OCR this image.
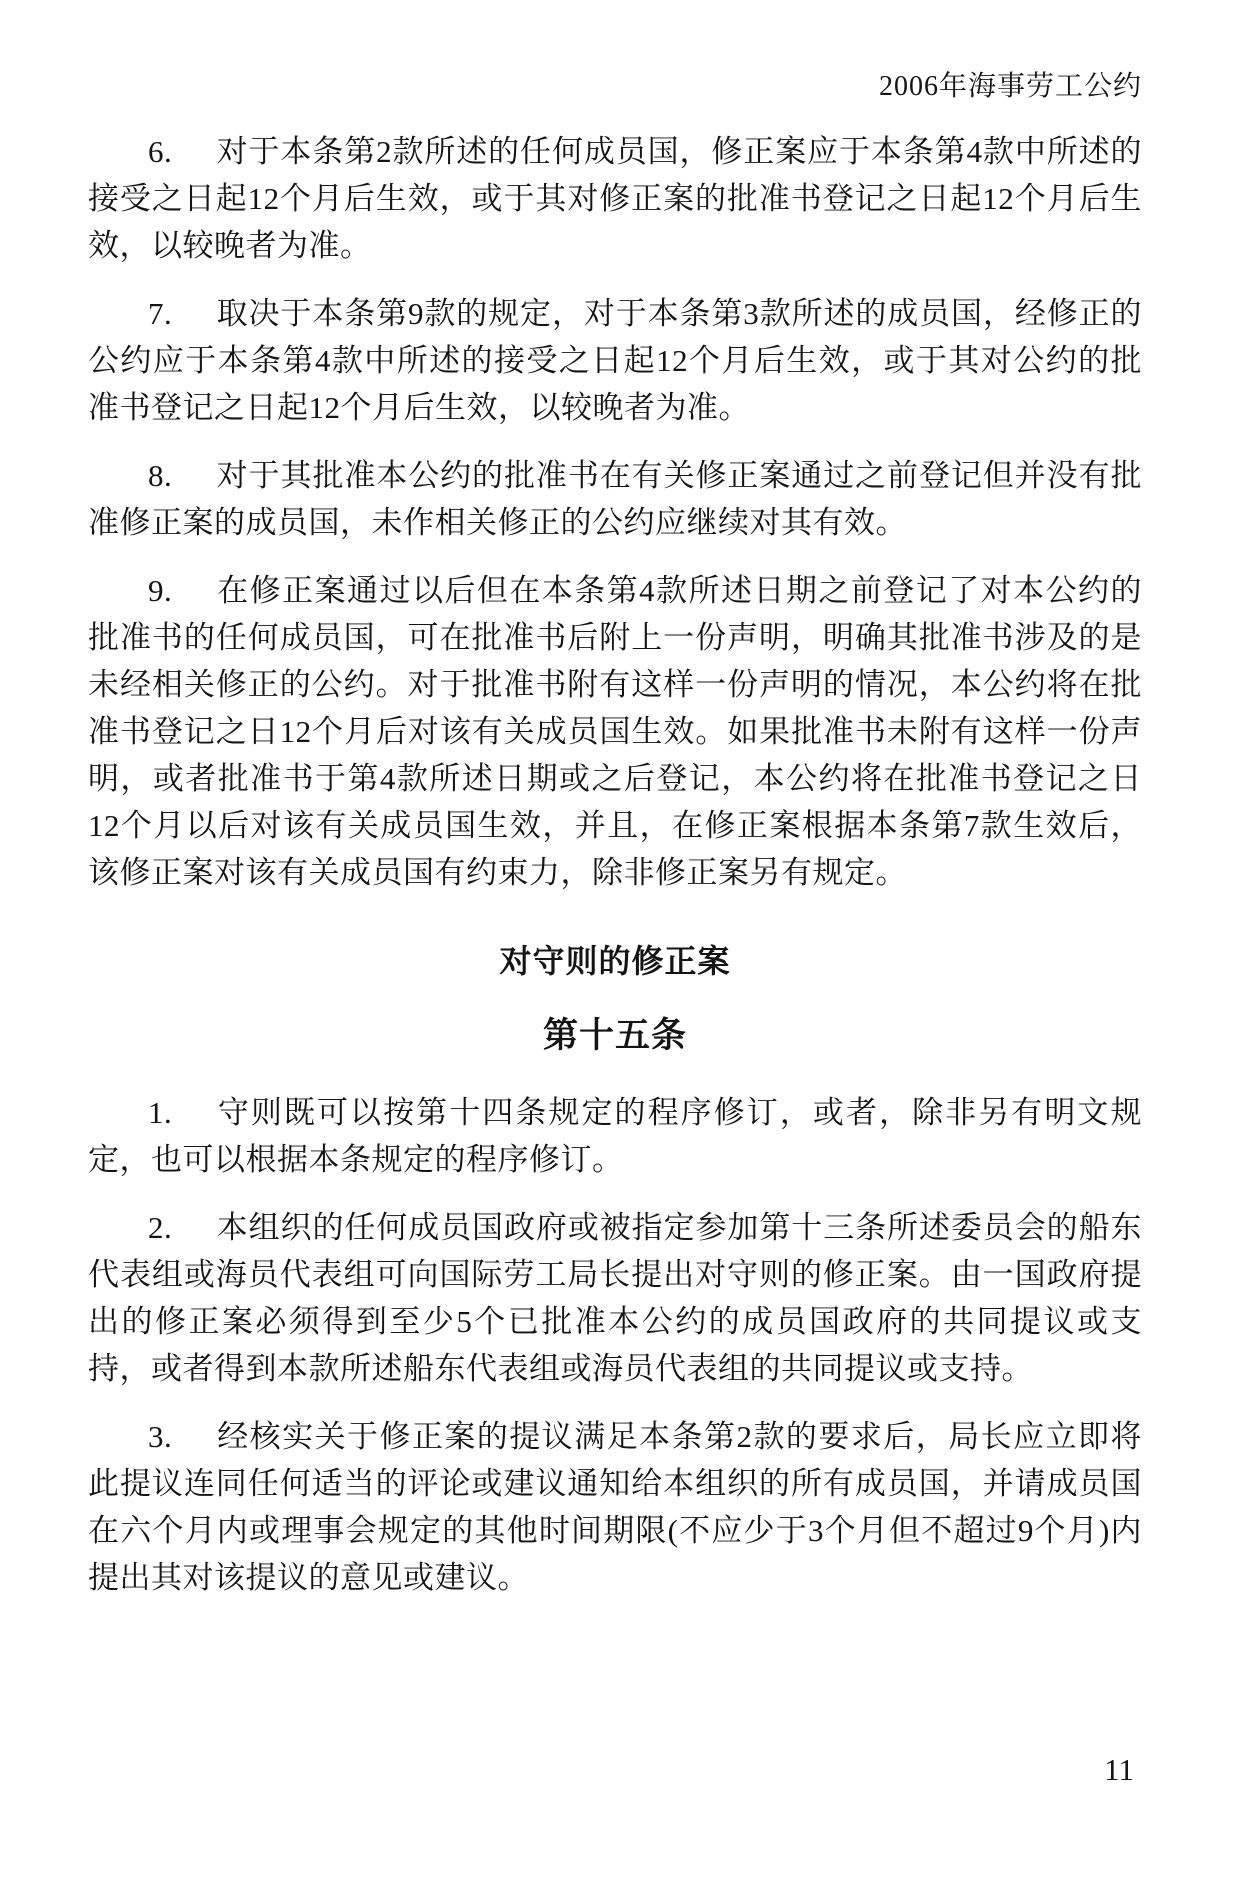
2006年海事劳工公约

6. 对于本条第2款所述的任何成员国，修正案应于本条第4款中所述的接受之日起12个月后生效，或于其对修正案的批准书登记之日起12个月后生效，以较晚者为准。

7. 取决于本条第9款的规定，对于本条第3款所述的成员国，经修正的公约应于本条第4款中所述的接受之日起12个月后生效，或于其对公约的批准书登记之日起12个月后生效，以较晚者为准。

8. 对于其批准本公约的批准书在有关修正案通过之前登记但并没有批准修正案的成员国，未作相关修正的公约应继续对其有效。

9. 在修正案通过以后但在本条第4款所述日期之前登记了对本公约的批准书的任何成员国，可在批准书后附上一份声明，明确其批准书涉及的是未经相关修正的公约。对于批准书附有这样一份声明的情况，本公约将在批准书登记之日12个月后对该有关成员国生效。如果批准书未附有这样一份声明，或者批准书于第4款所述日期或之后登记，本公约将在批准书登记之日12个月以后对该有关成员国生效，并且，在修正案根据本条第7款生效后，该修正案对该有关成员国有约束力，除非修正案另有规定。

对守则的修正案
第十五条

1. 守则既可以按第十四条规定的程序修订，或者，除非另有明文规定，也可以根据本条规定的程序修订。

2. 本组织的任何成员国政府或被指定参加第十三条所述委员会的船东代表组或海员代表组可向国际劳工局长提出对守则的修正案。由一国政府提出的修正案必须得到至少5个已批准本公约的成员国政府的共同提议或支持，或者得到本款所述船东代表组或海员代表组的共同提议或支持。

3. 经核实关于修正案的提议满足本条第2款的要求后，局长应立即将此提议连同任何适当的评论或建议通知给本组织的所有成员国，并请成员国在六个月内或理事会规定的其他时间期限(不应少于3个月但不超过9个月)内提出其对该提议的意见或建议。

11
